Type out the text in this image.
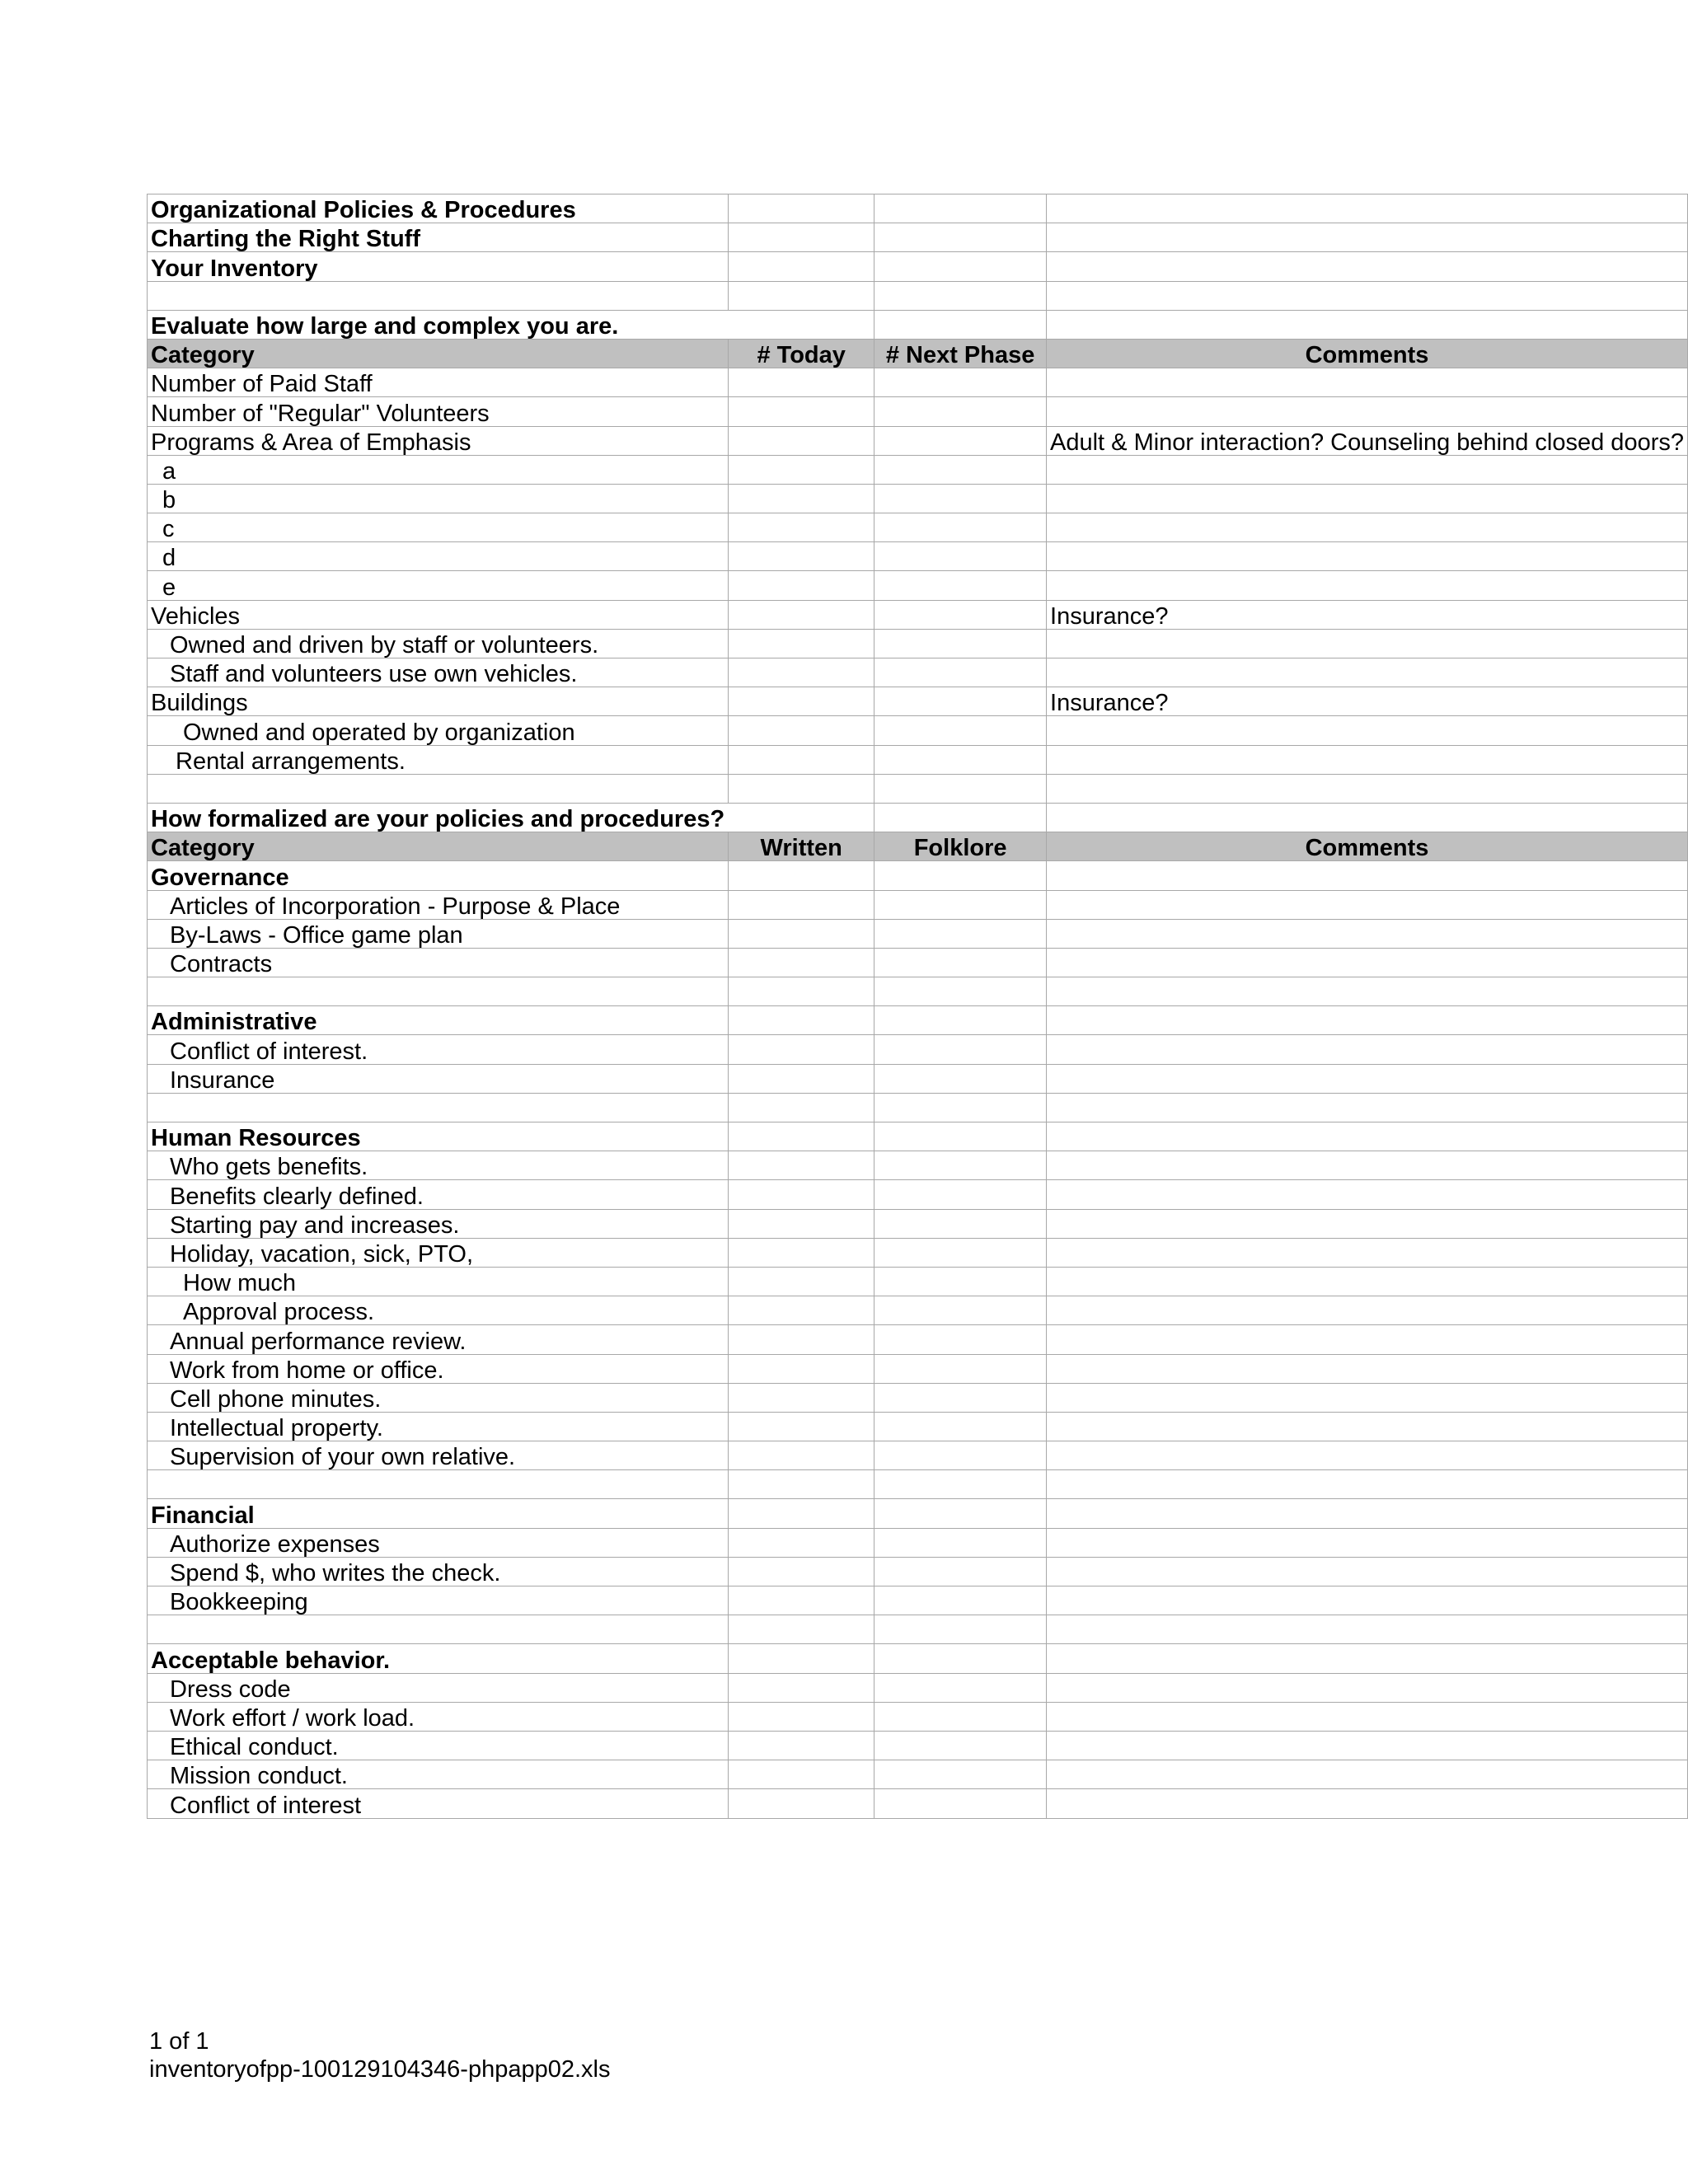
Organizational Policies & Procedures			
Charting the Right Stuff			
Your Inventory			

Evaluate how large and complex you are.			
Category	# Today	# Next Phase	Comments
Number of Paid Staff			
Number of "Regular" Volunteers			
Programs & Area of Emphasis			Adult & Minor interaction? Counseling behind closed doors?
a			
b			
c			
d			
e			
Vehicles			Insurance?
Owned and driven by staff or volunteers.			
Staff and volunteers use own vehicles.			
Buildings			Insurance?
Owned and operated by organization			
Rental arrangements.			

How formalized are your policies and procedures?			
Category	Written	Folklore	Comments
Governance			
Articles of Incorporation - Purpose & Place			
By-Laws - Office game plan			
Contracts			

Administrative			
Conflict of interest.			
Insurance			

Human Resources			
Who gets benefits.			
Benefits clearly defined.			
Starting pay and increases.			
Holiday, vacation, sick, PTO,			
How much			
Approval process.			
Annual performance review.			
Work from home or office.			
Cell phone minutes.			
Intellectual property.			
Supervision of your own relative.			

Financial			
Authorize expenses			
Spend $, who writes the check.			
Bookkeeping			

Acceptable behavior.			
Dress code			
Work effort / work load.			
Ethical conduct.			
Mission conduct.			
Conflict of interest			
1 of 1
inventoryofpp-100129104346-phpapp02.xls
